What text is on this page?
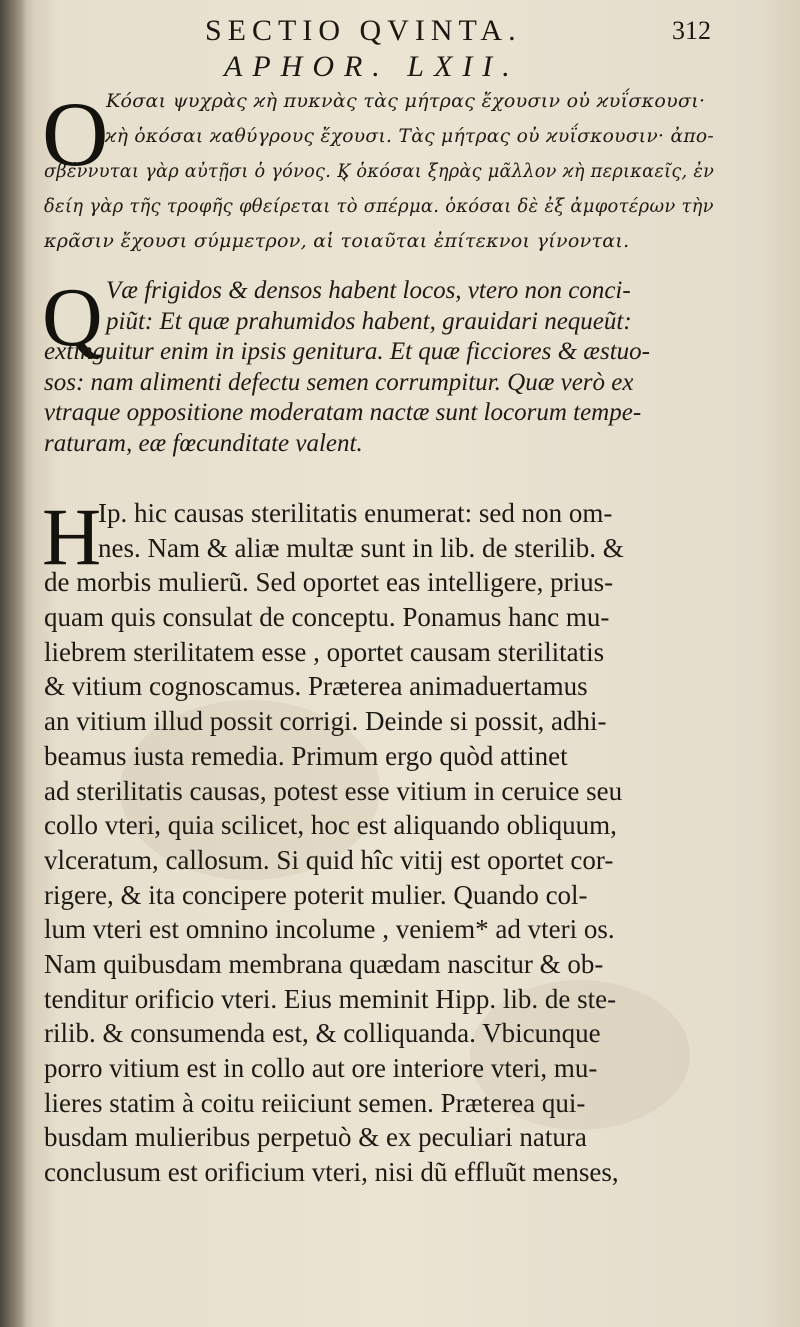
SECTIO QVINTA.	312
APHOR. LXII.
O
Κόσαι ψυχρὰς ϰὴ πυκνὰς τὰς μήτρας ἔχουσιν οὐ ϰυΐσκουσι·
ϰὴ ὁκόσαι ϰαθύγρους ἔχουσι. Τὰς μήτρας οὐ ϰυΐσκουσιν· ἀπο-
σβέννυται γὰρ αὐτῇσι ὁ γόνος. Ϗ ὁκόσαι ξηρὰς μᾶλλον ϰὴ περικαεῖς, ἐν
δείη γὰρ τῆς τροφῆς φθείρεται τὸ σπέρμα. ὁκόσαι δὲ ἐξ ἀμφοτέρων τὴν
κρᾶσιν ἔχουσι σύμμετρον, αἱ τοιαῦται ἐπίτεκνοι γίνονται.
Q Væ frigidos & densos habent locos, vtero non conci-
piũt: Et quæ prahumidos habent, grauidari nequeũt:
extinguitur enim in ipsis genitura. Et quæ ficciores & æstuo-
sos: nam alimenti defectu semen corrumpitur. Quæ verò ex
vtraque oppositione moderatam nactæ sunt locorum tempe-
raturam, eæ fœcunditate valent.
H
Ip. hic causas sterilitatis enumerat: sed non om-
nes. Nam & aliæ multæ sunt in lib. de sterilib. &
de morbis mulierũ. Sed oportet eas intelligere, prius-
quam quis consulat de conceptu. Ponamus hanc mu-
liebrem sterilitatem esse , oportet causam sterilitatis
& vitium cognoscamus. Præterea animaduertamus
an vitium illud possit corrigi. Deinde si possit, adhi-
beamus iusta remedia. Primum ergo quòd attinet
ad sterilitatis causas, potest esse vitium in ceruice seu
collo vteri, quia scilicet, hoc est aliquando obliquum,
vlceratum, callosum. Si quid hîc vitij est oportet cor-
rigere, & ita concipere poterit mulier. Quando col-
lum vteri est omnino incolume , veniem* ad vteri os.
Nam quibusdam membrana quædam nascitur & ob-
tenditur orificio vteri. Eius meminit Hipp. lib. de ste-
rilib. & consumenda est, & colliquanda. Vbicunque
porro vitium est in collo aut ore interiore vteri, mu-
lieres statim à coitu reiiciunt semen. Præterea qui-
busdam mulieribus perpetuò & ex peculiari natura
conclusum est orificium vteri, nisi dũ effluũt menses,
